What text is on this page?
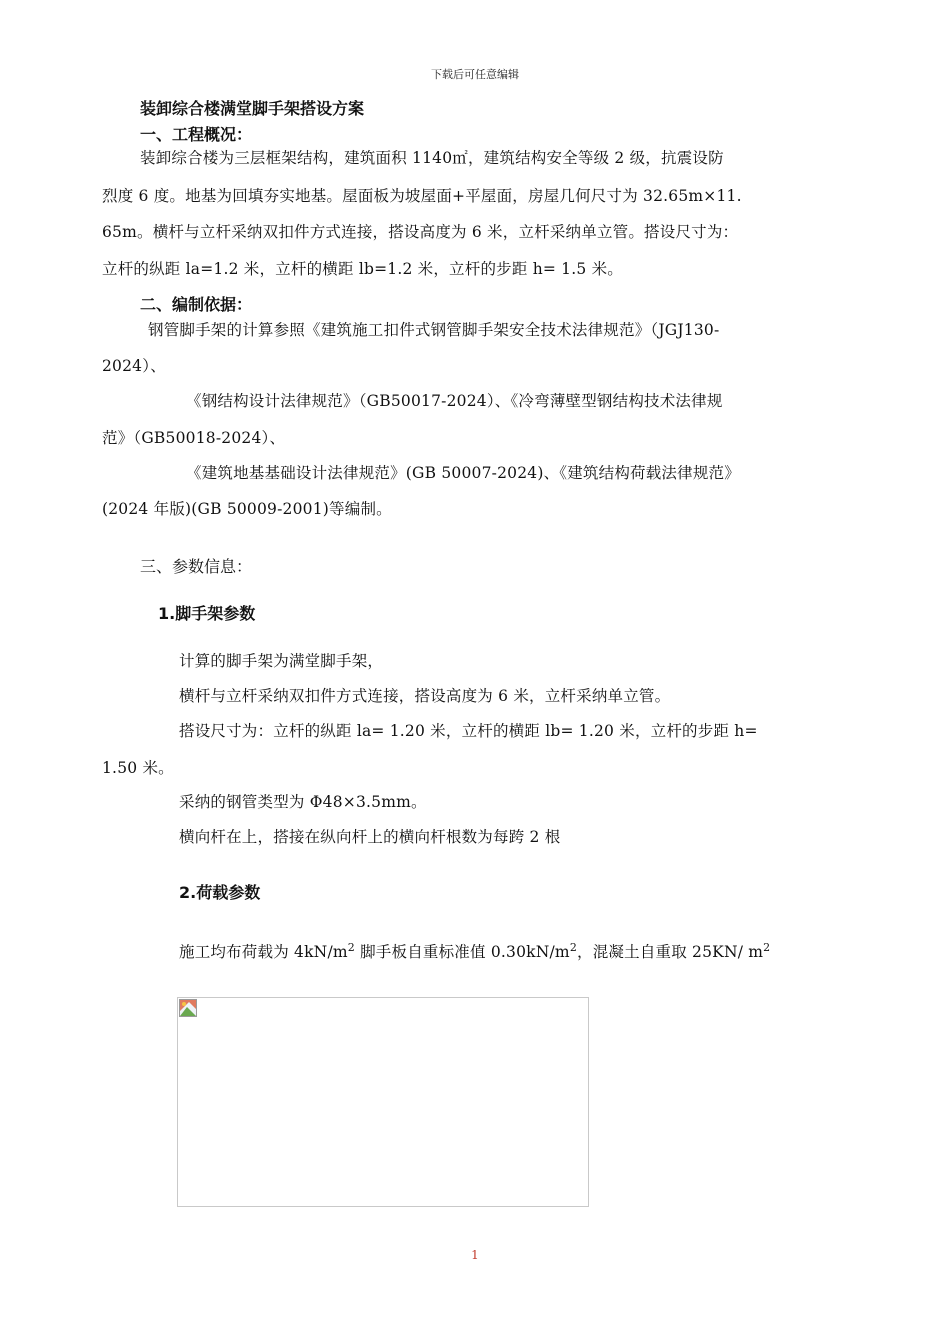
下载后可任意编辑
装卸综合楼满堂脚手架搭设方案
一、工程概况：
装卸综合楼为三层框架结构，建筑面积 1140㎡，建筑结构安全等级 2 级，抗震设防
烈度 6 度。地基为回填夯实地基。屋面板为坡屋面+平屋面，房屋几何尺寸为 32.65m×11.
65m。横杆与立杆采纳双扣件方式连接，搭设高度为 6 米，立杆采纳单立管。搭设尺寸为：
立杆的纵距 la=1.2 米，立杆的横距 lb=1.2 米，立杆的步距 h= 1.5 米。
二、编制依据：
钢管脚手架的计算参照《建筑施工扣件式钢管脚手架安全技术法律规范》（JGJ130-
2024）、
《钢结构设计法律规范》（GB50017-2024）、《冷弯薄壁型钢结构技术法律规
范》（GB50018-2024）、
《建筑地基基础设计法律规范》(GB 50007-2024)、《建筑结构荷载法律规范》
(2024 年版)(GB 50009-2001)等编制。
三、参数信息：
1.脚手架参数
计算的脚手架为满堂脚手架，
横杆与立杆采纳双扣件方式连接，搭设高度为 6 米，立杆采纳单立管。
搭设尺寸为：立杆的纵距 la= 1.20 米，立杆的横距 lb= 1.20 米，立杆的步距 h=
1.50 米。
采纳的钢管类型为 Φ48×3.5mm。
横向杆在上，搭接在纵向杆上的横向杆根数为每跨 2 根
2.荷载参数
施工均布荷载为 $4kN/m^2$ 脚手板自重标准值 $0.30kN/m^2$，混凝土自重取 25KN/ $m^2$
1
